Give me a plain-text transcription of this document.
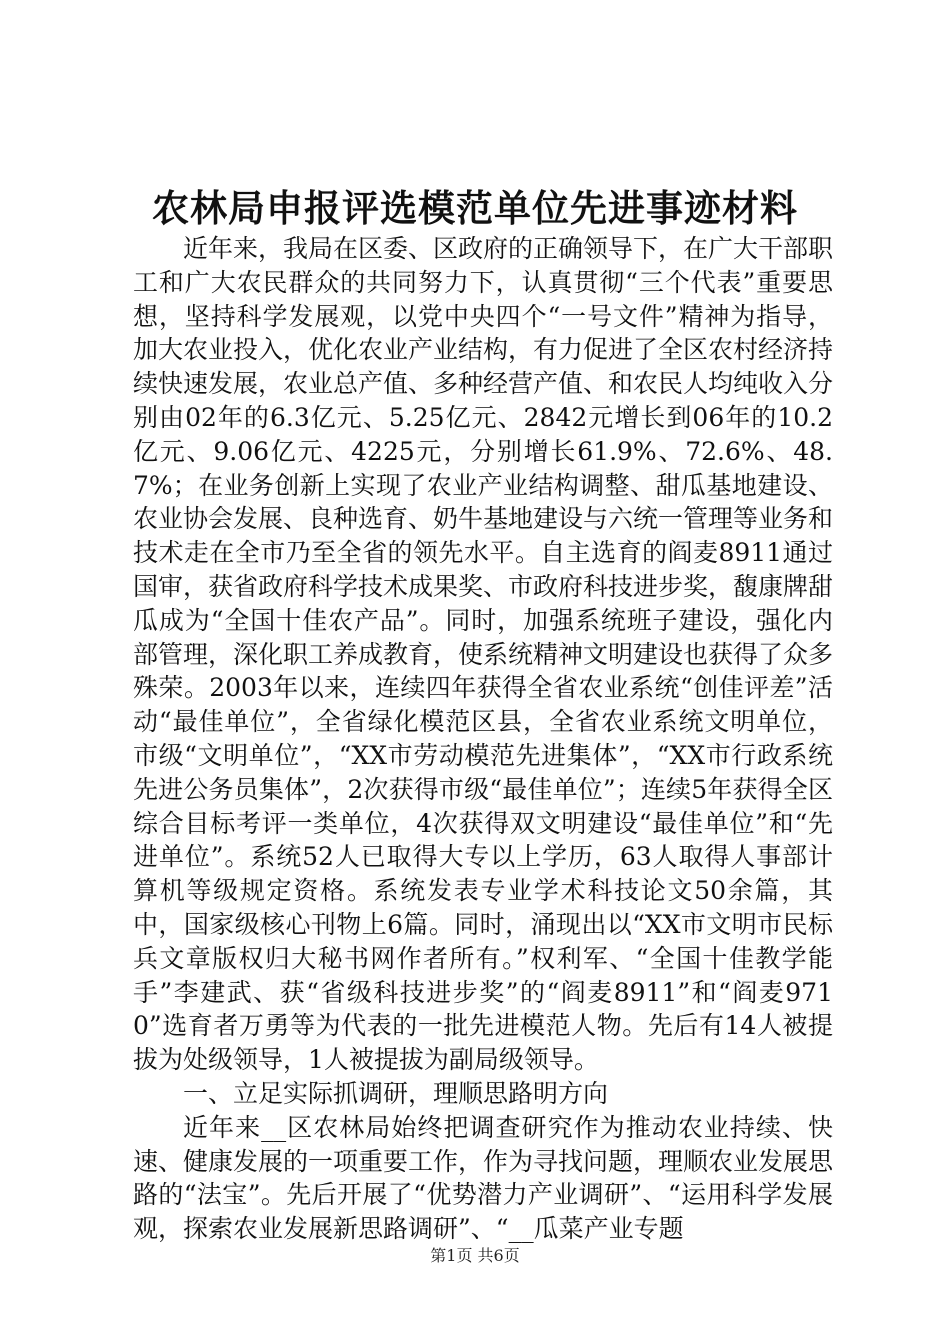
农林局申报评选模范单位先进事迹材料

近年来，我局在区委、区政府的正确领导下，在广大干部职工和广大农民群众的共同努力下，认真贯彻“三个代表”重要思想，坚持科学发展观，以党中央四个“一号文件”精神为指导，加大农业投入，优化农业产业结构，有力促进了全区农村经济持续快速发展，农业总产值、多种经营产值、和农民人均纯收入分别由02年的6.3亿元、5.25亿元、2842元增长到06年的10.2亿元、9.06亿元、4225元，分别增长61.9%、72.6%、48.7%；在业务创新上实现了农业产业结构调整、甜瓜基地建设、农业协会发展、良种选育、奶牛基地建设与六统一管理等业务和技术走在全市乃至全省的领先水平。自主选育的阎麦8911通过国审，获省政府科学技术成果奖、市政府科技进步奖，馥康牌甜瓜成为“全国十佳农产品”。同时，加强系统班子建设，强化内部管理，深化职工养成教育，使系统精神文明建设也获得了众多殊荣。2003年以来，连续四年获得全省农业系统“创佳评差”活动“最佳单位”，全省绿化模范区县，全省农业系统文明单位，市级“文明单位”，“XX市劳动模范先进集体”，“XX市行政系统先进公务员集体”，2次获得市级“最佳单位”；连续5年获得全区综合目标考评一类单位，4次获得双文明建设“最佳单位”和“先进单位”。系统52人已取得大专以上学历，63人取得人事部计算机等级规定资格。系统发表专业学术科技论文50余篇，其中，国家级核心刊物上6篇。同时，涌现出以“XX市文明市民标兵文章版权归大秘书网作者所有。”权利军、“全国十佳教学能手”李建武、获“省级科技进步奖”的“阎麦8911”和“阎麦9710”选育者万勇等为代表的一批先进模范人物。先后有14人被提拔为处级领导，1人被提拔为副局级领导。

一、立足实际抓调研，理顺思路明方向

近年来__区农林局始终把调查研究作为推动农业持续、快速、健康发展的一项重要工作，作为寻找问题，理顺农业发展思路的“法宝”。先后开展了“优势潜力产业调研”、“运用科学发展观，探索农业发展新思路调研”、“__瓜菜产业专题

第1页 共6页
